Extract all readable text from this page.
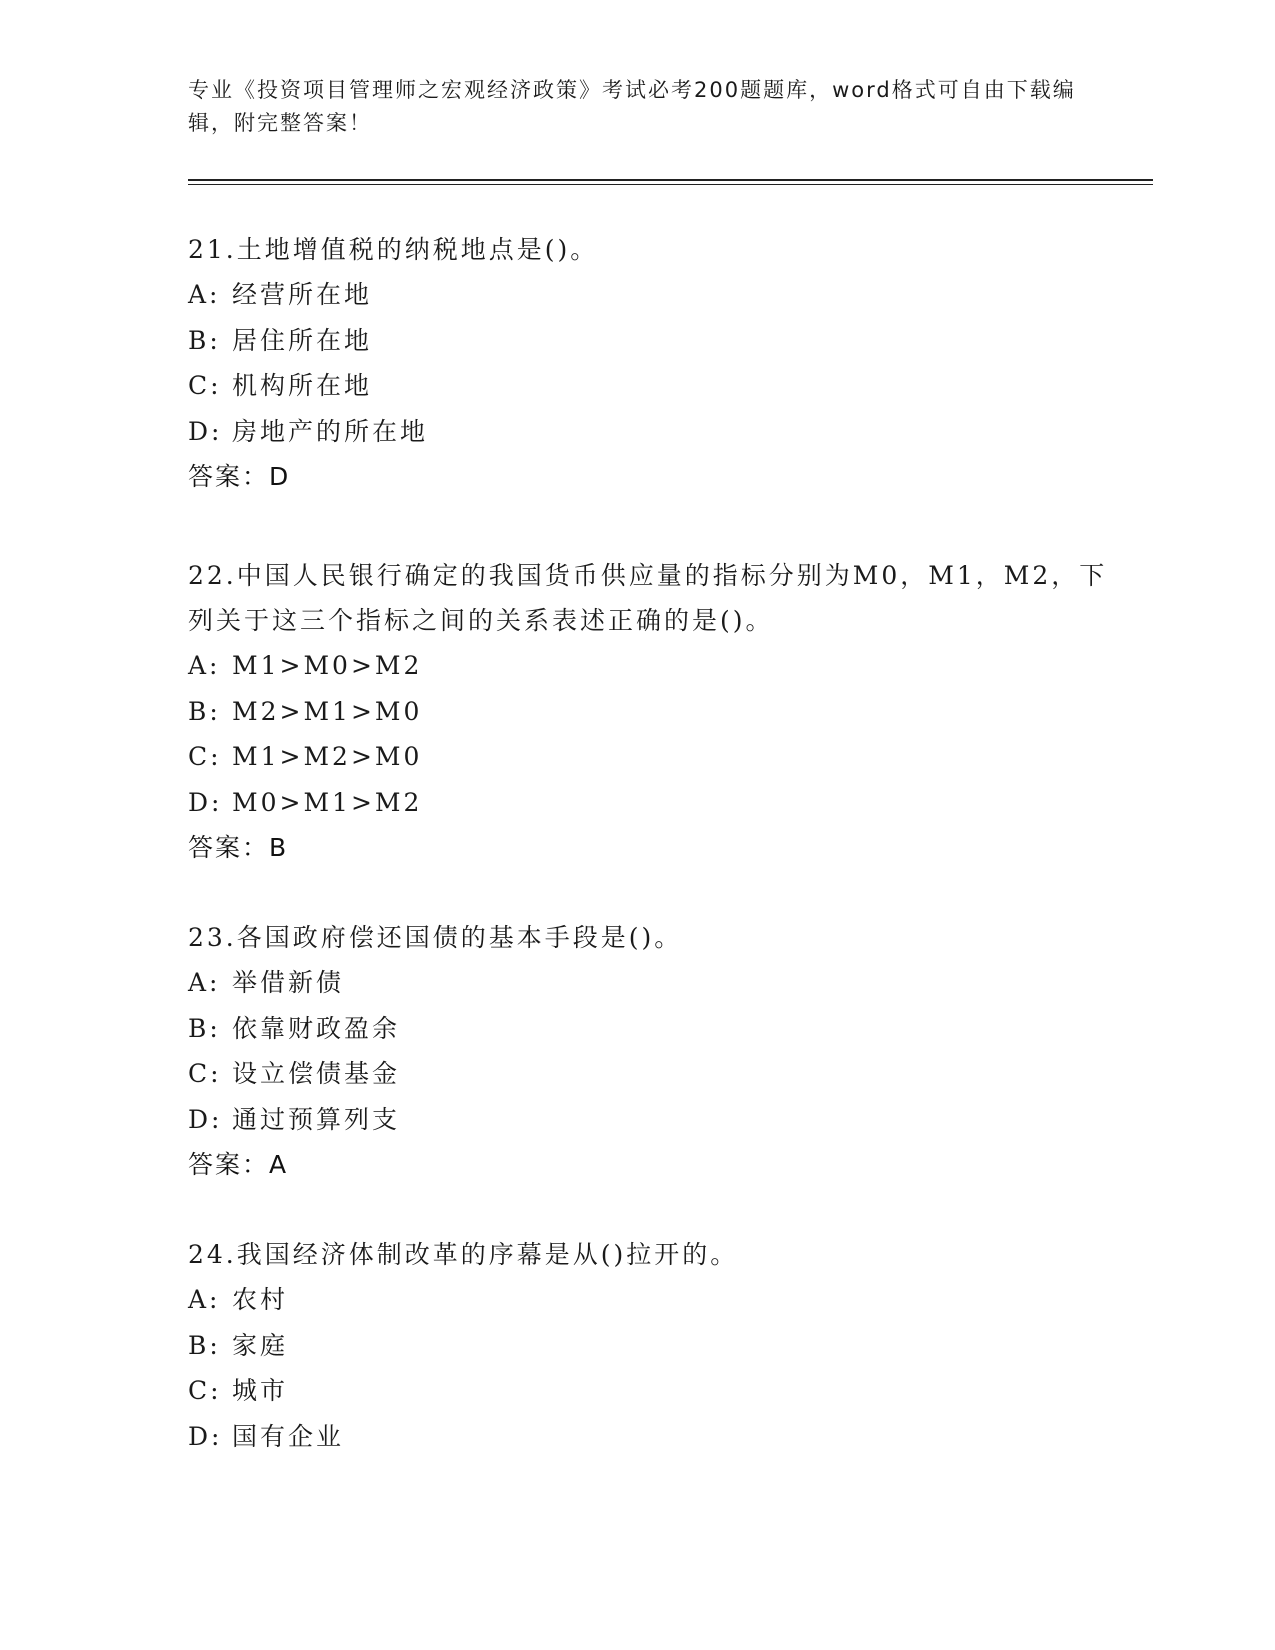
专业《投资项目管理师之宏观经济政策》考试必考200题题库，word格式可自由下载编辑，附完整答案！

21.土地增值税的纳税地点是()。

A: 经营所在地
B: 居住所在地
C: 机构所在地
D: 房地产的所在地
答案：D

22.中国人民银行确定的我国货币供应量的指标分别为M0，M1，M2，下列关于这三个指标之间的关系表述正确的是()。

A: M1>M0>M2
B: M2>M1>M0
C: M1>M2>M0
D: M0>M1>M2
答案：B

23.各国政府偿还国债的基本手段是()。

A: 举借新债
B: 依靠财政盈余
C: 设立偿债基金
D: 通过预算列支
答案：A

24.我国经济体制改革的序幕是从()拉开的。

A: 农村
B: 家庭
C: 城市
D: 国有企业
